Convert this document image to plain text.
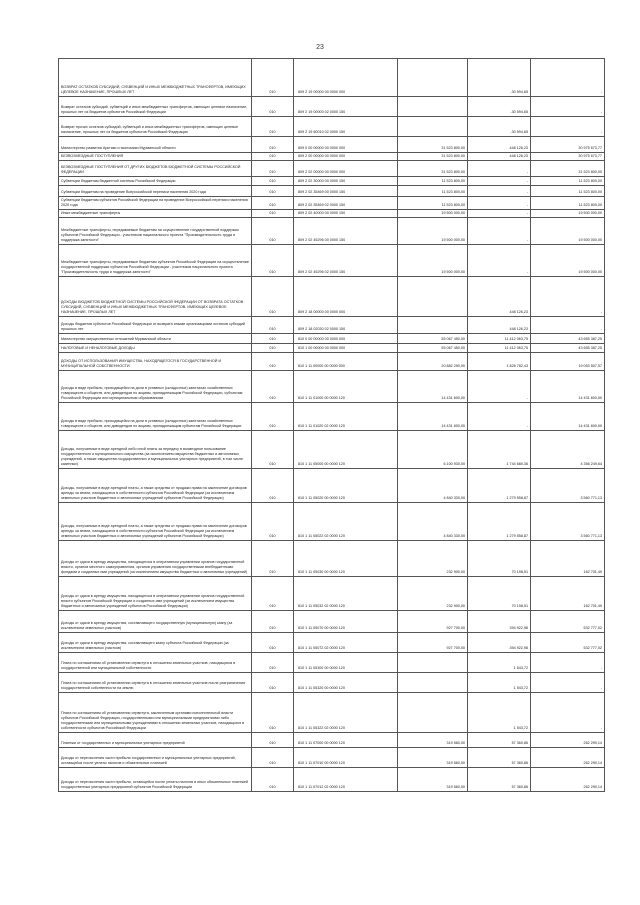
23
ВОЗВРАТ ОСТАТКОВ СУБСИДИЙ, СУБВЕНЦИЙ И ИНЫХ МЕЖБЮДЖЕТНЫХ ТРАНСФЕРТОВ, ИМЕЮЩИХ ЦЕЛЕВОЕ НАЗНАЧЕНИЕ, ПРОШЛЫХ ЛЕТ	010	809 2 19 00000 00 0000 000		-30 594,65	-
Возврат остатков субсидий, субвенций и иных межбюджетных трансфертов, имеющих целевое назначение, прошлых лет из бюджетов субъектов Российской Федерации	010	809 2 19 00000 02 0000 150		-30 594,65	-
Возврат прочих остатков субсидий, субвенций и иных межбюджетных трансфертов, имеющих целевое назначение, прошлых лет из бюджетов субъектов Российской Федерации	010	809 2 19 60010 02 0000 150		-30 594,65	-
Министерство развития Арктики и экономики Мурманской области	010	809 0 00 00000 00 0000 000	31 523 800,00	448 126,23	30 975 673,77
БЕЗВОЗМЕЗДНЫЕ ПОСТУПЛЕНИЯ	010	809 2 00 00000 00 0000 000	31 523 800,00	448 126,23	30 975 673,77
БЕЗВОЗМЕЗДНЫЕ ПОСТУПЛЕНИЯ ОТ ДРУГИХ БЮДЖЕТОВ БЮДЖЕТНОЙ СИСТЕМЫ РОССИЙСКОЙ ФЕДЕРАЦИИ	010	809 2 02 00000 00 0000 000	31 523 800,00	-	31 523 800,00
Субвенции бюджетам бюджетной системы Российской Федерации	010	809 2 02 30000 00 0000 150	11 523 800,00	-	11 523 800,00
Субвенции бюджетам на проведение Всероссийской переписи населения 2020 года	010	809 2 02 35469 00 0000 150	11 523 800,00	-	11 523 800,00
Субвенции бюджетам субъектов Российской Федерации на проведение Всероссийской переписи населения 2020 года	010	809 2 02 35469 02 0000 150	11 523 800,00	-	11 523 800,00
Иные межбюджетные трансферты	010	809 2 02 40000 00 0000 150	19 500 000,00	-	19 500 000,00
Межбюджетные трансферты, передаваемые бюджетам на осуществление государственной поддержки субъектов Российской Федерации - участников национального проекта "Производительность труда и поддержка занятости"	010	809 2 02 45296 00 0000 150	19 500 000,00	-	19 500 000,00
Межбюджетные трансферты, передаваемые бюджетам субъектов Российской Федерации на осуществление государственной поддержки субъектов Российской Федерации - участников национального проекта "Производительность труда и поддержка занятости"	010	809 2 02 45296 02 0000 150	19 500 000,00	-	19 500 000,00
ДОХОДЫ БЮДЖЕТОВ БЮДЖЕТНОЙ СИСТЕМЫ РОССИЙСКОЙ ФЕДЕРАЦИИ ОТ ВОЗВРАТА ОСТАТКОВ СУБСИДИЙ, СУБВЕНЦИЙ И ИНЫХ МЕЖБЮДЖЕТНЫХ ТРАНСФЕРТОВ, ИМЕЮЩИХ ЦЕЛЕВОЕ НАЗНАЧЕНИЕ, ПРОШЛЫХ ЛЕТ	010	809 2 18 00000 00 0000 000		448 126,23	-
Доходы бюджетов субъектов Российской Федерации от возврата иными организациями остатков субсидий прошлых лет	010	809 2 18 02030 02 0000 150		448 126,23	-
Министерство имущественных отношений Мурманской области	010	810 0 00 00000 00 0000 000	55 067 450,00	11 412 063,75	43 655 387,25
НАЛОГОВЫЕ И НЕНАЛОГОВЫЕ ДОХОДЫ	010	810 1 00 00000 00 0000 000	55 067 450,00	11 412 063,75	43 655 387,25
ДОХОДЫ ОТ ИСПОЛЬЗОВАНИЯ ИМУЩЕСТВА, НАХОДЯЩЕГОСЯ В ГОСУДАРСТВЕННОЙ И МУНИЦИПАЛЬНОЙ СОБСТВЕННОСТИ	010	810 1 11 00000 00 0000 000	20 882 290,00	1 828 782,43	19 053 507,57
Доходы в виде прибыли, приходящейся на доли в уставных (складочных) капиталах хозяйственных товариществ и обществ, или дивидендов по акциям, принадлежащим Российской Федерации, субъектам Российской Федерации или муниципальным образованиям	010	810 1 11 01000 00 0000 120	14 431 600,00	-	14 431 600,00
Доходы в виде прибыли, приходящейся на доли в уставных (складочных) капиталах хозяйственных товариществ и обществ, или дивидендов по акциям, принадлежащим субъектам Российской Федерации	010	810 1 11 01020 02 0000 120	14 431 600,00	-	14 431 600,00
Доходы, получаемые в виде арендной либо иной платы за передачу в возмездное пользование государственного и муниципального имущества (за исключением имущества бюджетных и автономных учреждений, а также имущества государственных и муниципальных унитарных предприятий, в том числе казенных)	010	810 1 11 05000 00 0000 120	6 100 930,00	1 744 680,36	4 356 249,64
Доходы, получаемые в виде арендной платы, а также средства от продажи права на заключение договоров аренды за земли, находящиеся в собственности субъектов Российской Федерации (за исключением земельных участков бюджетных и автономных учреждений субъектов Российской Федерации)	010	810 1 11 05020 00 0000 120	4 840 330,00	1 279 558,87	3 560 771,13
Доходы, получаемые в виде арендной платы, а также средства от продажи права на заключение договоров аренды за земли, находящиеся в собственности субъектов Российской Федерации (за исключением земельных участков бюджетных и автономных учреждений субъектов Российской Федерации)	010	810 1 11 05022 02 0000 120	4 840 330,00	1 279 558,87	3 560 771,13
Доходы от сдачи в аренду имущества, находящегося в оперативном управлении органов государственной власти, органов местного самоуправления, органов управления государственными внебюджетными фондами и созданных ими учреждений (за исключением имущества бюджетных и автономных учреждений)	010	810 1 11 05030 00 0000 120	232 900,00	70 198,51	162 701,49
Доходы от сдачи в аренду имущества, находящегося в оперативном управлении органов государственной власти субъектов Российской Федерации и созданных ими учреждений (за исключением имущества бюджетных и автономных учреждений субъектов Российской Федерации)	010	810 1 11 05032 02 0000 120	232 900,00	70 198,51	162 701,49
Доходы от сдачи в аренду имущества, составляющего государственную (муниципальную) казну (за исключением земельных участков)	010	810 1 11 05070 00 0000 120	927 700,00	394 922,98	532 777,02
Доходы от сдачи в аренду имущества, составляющего казну субъекта Российской Федерации (за исключением земельных участков)	010	810 1 11 05072 02 0000 120	927 700,00	394 922,98	532 777,02
Плата по соглашениям об установлении сервитута в отношении земельных участков, находящихся в государственной или муниципальной собственности	010	810 1 11 05300 00 0000 120		1 543,72	-
Плата по соглашениям об установлении сервитута в отношении земельных участков после разграничения государственной собственности на землю	010	810 1 11 05320 00 0000 120		1 543,72	-
Плата по соглашениям об установлении сервитута, заключенным органами исполнительной власти субъектов Российской Федерации, государственными или муниципальными предприятиями либо государственными или муниципальными учреждениями в отношении земельных участков, находящихся в собственности субъектов Российской Федерации	010	810 1 11 05322 02 0000 120		1 543,72	-
Платежи от государственных и муниципальных унитарных предприятий	010	810 1 11 07000 00 0000 120	319 560,00	57 360,86	262 299,14
Доходы от перечисления части прибыли государственных и муниципальных унитарных предприятий, остающейся после уплаты налогов и обязательных платежей	010	810 1 11 07010 00 0000 120	319 560,00	57 360,86	262 299,14
Доходы от перечисления части прибыли, остающейся после уплаты налогов и иных обязательных платежей государственных унитарных предприятий субъектов Российской Федерации	010	810 1 11 07012 02 0000 120	319 560,00	57 360,86	262 299,14
